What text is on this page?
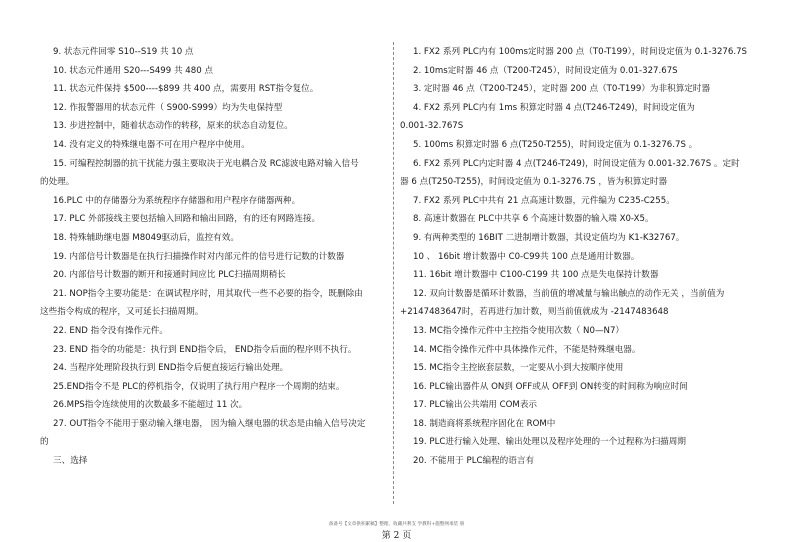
9. 状态元件回零 S10--S19 共 10 点
10. 状态元件通用 S20---S499 共 480 点
11. 状态元件保持 $500----$899 共 400 点，需要用 RST指令复位。
12. 作报警器用的状态元件（ S900-S999）均为失电保持型
13. 步进控制中，随着状态动作的转移，原来的状态自动复位。
14. 没有定义的特殊继电器不可在用户程序中使用。
15. 可编程控制器的抗干扰能力强主要取决于光电耦合及 RC滤波电路对输入信号
的处理。
16.PLC 中的存储器分为系统程序存储器和用户程序存储器两种。
17. PLC 外部接线主要包括输入回路和输出回路，有的还有网路连接。
18. 特殊辅助继电器 M8049驱动后，监控有效。
19. 内部信号计数器是在执行扫描操作时对内部元件的信号进行记数的计数器
20. 内部信号计数器的断开和接通时间应比 PLC扫描周期稍长
21. NOP指令主要功能是：在调试程序时，用其取代一些不必要的指令，既删除由
这些指令构成的程序，又可延长扫描周期。
22. END 指令没有操作元件。
23. END 指令的功能是：执行到 END指令后， END指令后面的程序则不执行。
24. 当程序处理阶段执行到 END指令后便直接运行输出处理。
25.END指令不是 PLC的停机指令，仅说明了执行用户程序一个周期的结束。
26.MPS指令连续使用的次数最多不能超过 11 次。
27. OUT指令不能用于驱动输入继电器， 因为输入继电器的状态是由输入信号决定
的
三、选择
1. FX2 系列 PLC内有 100ms定时器 200 点（T0-T199），时间设定值为 0.1-3276.7S
2. 10ms定时器 46 点（T200-T245），时间设定值为 0.01-327.67S
3. 定时器 46 点（T200-T245），定时器 200 点（T0-T199）为非积算定时器
4. FX2 系列 PLC内有 1ms 积算定时器 4 点(T246-T249)，时间设定值为
0.001-32.767S
5. 100ms 积算定时器 6 点(T250-T255)，时间设定值为 0.1-3276.7S 。
6. FX2 系列 PLC内定时器 4 点(T246-T249)，时间设定值为 0.001-32.767S 。定时
器 6 点(T250-T255)，时间设定值为 0.1-3276.7S ，皆为积算定时器
7. FX2 系列 PLC中共有 21 点高速计数器，元件编为 C235-C255。
8. 高速计数器在 PLC中共享 6 个高速计数器的输入端 X0-X5。
9. 有两种类型的 16BIT 二进制增计数器，其设定值均为 K1-K32767。
10 、 16bit 增计数器中 C0-C99共 100 点是通用计数器。
11. 16bit 增计数器中 C100-C199 共 100 点是失电保持计数器
12. 双向计数器是循环计数器，当前值的增减量与输出触点的动作无关 ，当前值为
+2147483647时，若再进行加计数，则当前值就成为 -2147483648
13. MC指令操作元件中主控指令使用次数（ N0—N7）
14. MC指令操作元件中具体操作元件，不能是特殊继电器。
15. MC指令主控嵌套层数，一定要从小到大按顺序使用
16. PLC输出器件从 ON到 OFF或从 OFF到 ON转变的时间称为响应时间
17. PLC输出公共端用 COM表示
18. 制造商将系统程序固化在 ROM中
19. PLC进行输入处理、输出处理以及程序处理的一个过程称为扫描周期
20. 不能用于 PLC编程的语言有
备备号【文章供积累稿】整理、收藏共利支 学教科+施整网承装 册
第 2 页
